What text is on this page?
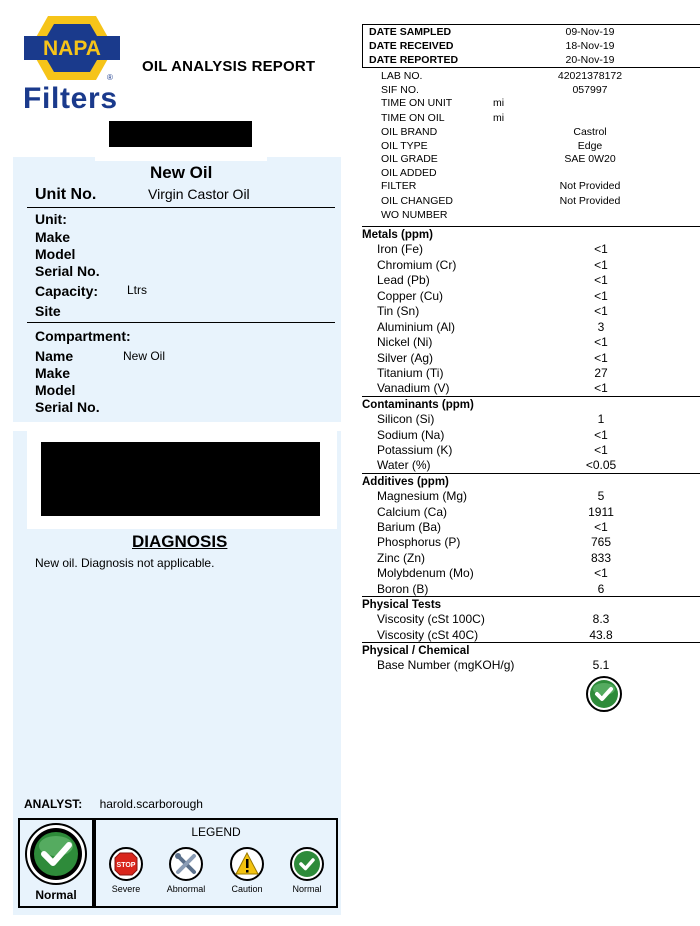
NAPA
®
Filters
OIL ANALYSIS REPORT
New Oil
Unit No.	Virgin Castor Oil
Unit:
Make
Model
Serial No.
Capacity: Ltrs
Site
Compartment:
Name	New Oil
Make
Model
Serial No.
DIAGNOSIS
New oil. Diagnosis not applicable.
ANALYST: harold.scarborough
Normal
LEGEND
STOP
Severe	Abnormal	Caution	Normal
DATE SAMPLED	09-Nov-19
DATE RECEIVED	18-Nov-19
DATE REPORTED	20-Nov-19
LAB NO.	42021378172
SIF NO.	057997
TIME ON UNIT	mi
TIME ON OIL	mi
OIL BRAND	Castrol
OIL TYPE	Edge
OIL GRADE	SAE 0W20
OIL ADDED
FILTER	Not Provided
OIL CHANGED	Not Provided
WO NUMBER
Metals (ppm)
Iron (Fe)	<1
Chromium (Cr)	<1
Lead (Pb)	<1
Copper (Cu)	<1
Tin (Sn)	<1
Aluminium (Al)	3
Nickel (Ni)	<1
Silver (Ag)	<1
Titanium (Ti)	27
Vanadium (V)	<1
Contaminants (ppm)
Silicon (Si)	1
Sodium (Na)	<1
Potassium (K)	<1
Water (%)	<0.05
Additives (ppm)
Magnesium (Mg)	5
Calcium (Ca)	1911
Barium (Ba)	<1
Phosphorus (P)	765
Zinc (Zn)	833
Molybdenum (Mo)	<1
Boron (B)	6
Physical Tests
Viscosity (cSt 100C)	8.3
Viscosity (cSt 40C)	43.8
Physical / Chemical
Base Number (mgKOH/g)	5.1
